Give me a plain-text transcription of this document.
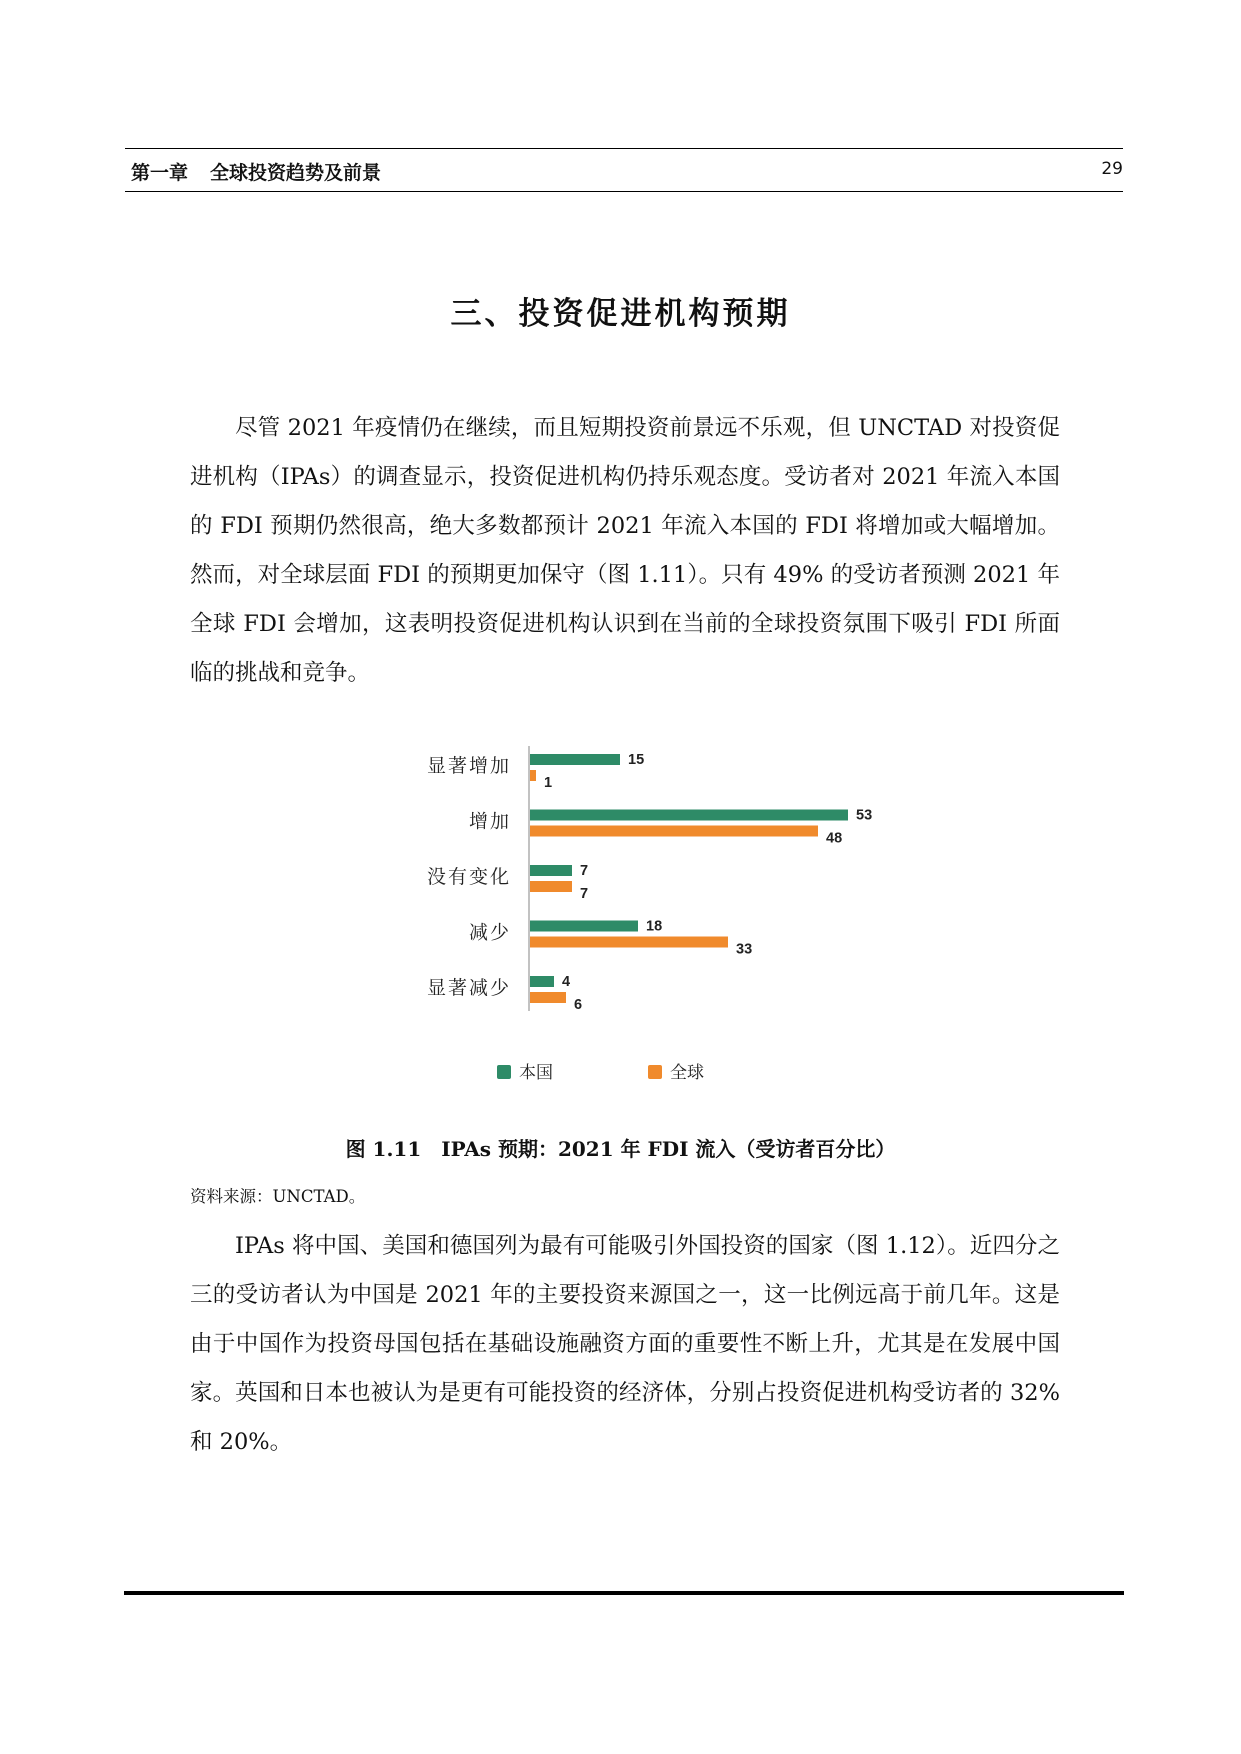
第一章 全球投资趋势及前景	29
三、投资促进机构预期

尽管 2021 年疫情仍在继续，而且短期投资前景远不乐观，但 UNCTAD 对投资促进机构（IPAs）的调查显示，投资促进机构仍持乐观态度。受访者对 2021 年流入本国的 FDI 预期仍然很高，绝大多数都预计 2021 年流入本国的 FDI 将增加或大幅增加。然而，对全球层面 FDI 的预期更加保守（图 1.11）。只有 49% 的受访者预测 2021 年全球 FDI 会增加，这表明投资促进机构认识到在当前的全球投资氛围下吸引 FDI 所面临的挑战和竞争。

显著增加	15
1
增加	53
48
没有变化	7
7
减少	18
33
显著减少	4
6
本国	全球
图 1.11　IPAs 预期：2021 年 FDI 流入（受访者百分比）
资料来源：UNCTAD。

IPAs 将中国、美国和德国列为最有可能吸引外国投资的国家（图 1.12）。近四分之三的受访者认为中国是 2021 年的主要投资来源国之一，这一比例远高于前几年。这是由于中国作为投资母国包括在基础设施融资方面的重要性不断上升，尤其是在发展中国家。英国和日本也被认为是更有可能投资的经济体，分别占投资促进机构受访者的 32%和 20%。
